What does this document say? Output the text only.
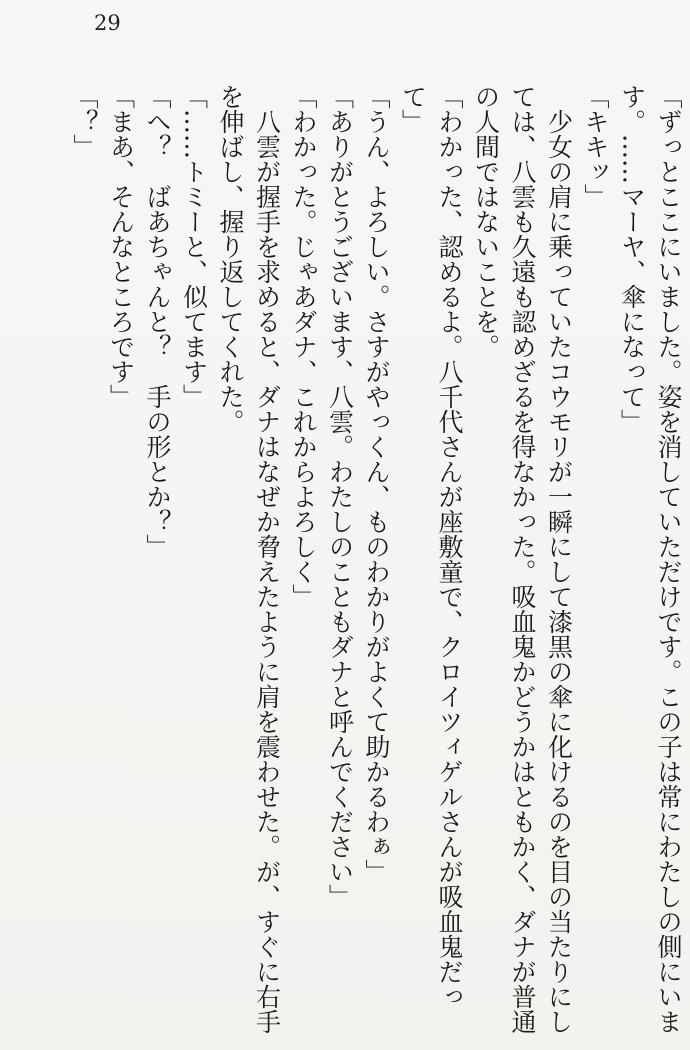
29

「ずっとここにいました。姿を消していただけです。この子は常にわたしの側にいます。……マーヤ、傘になって」

「キキッ」

少女の肩に乗っていたコウモリが一瞬にして漆黒の傘に化けるのを目の当たりにしては、八雲も久遠も認めざるを得なかった。吸血鬼かどうかはともかく、ダナが普通の人間ではないことを。

「わかった、認めるよ。八千代さんが座敷童で、クロイツィゲルさんが吸血鬼だって」

「うん、よろしい。さすがやっくん、ものわかりがよくて助かるわぁ」

「ありがとうございます、八雲。わたしのこともダナと呼んでください」

「わかった。じゃあダナ、これからよろしく」

八雲が握手を求めると、ダナはなぜか脅えたように肩を震わせた。が、すぐに右手を伸ばし、握り返してくれた。

「……トミーと、似てます」

「へ？　ばあちゃんと？　手の形とか？」

「まあ、そんなところです」

「？」
